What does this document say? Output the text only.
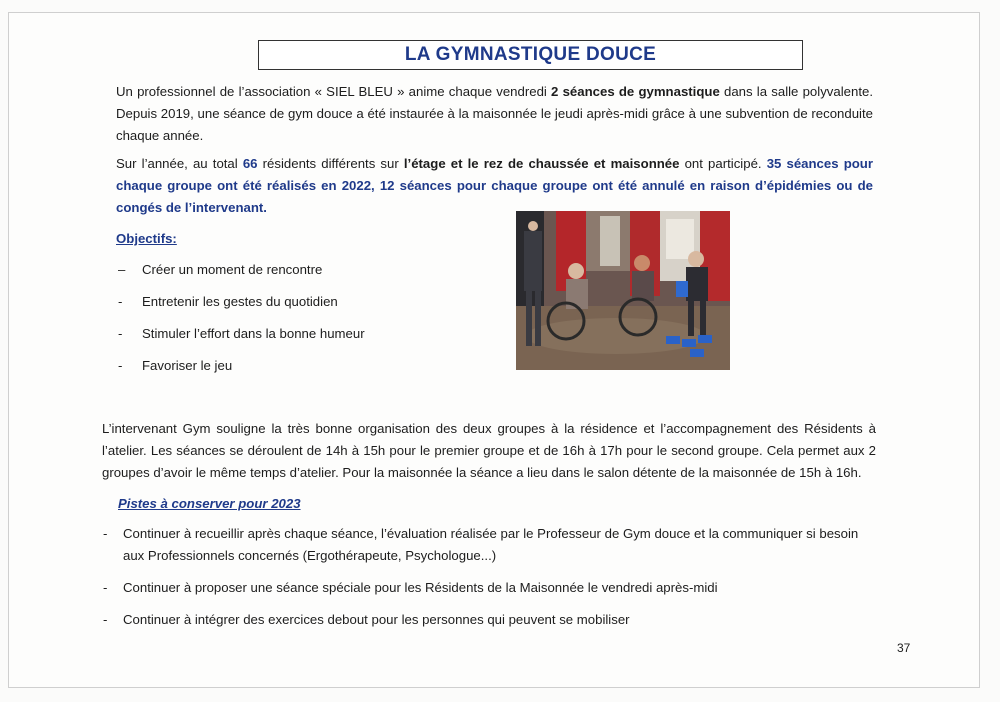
LA GYMNASTIQUE DOUCE

Un professionnel de l’association « SIEL BLEU » anime chaque vendredi 2 séances de gymnastique dans la salle polyvalente. Depuis 2019, une séance de gym douce a été instaurée à la maisonnée le jeudi après-midi grâce à une subvention de reconduite chaque année.

Sur l’année, au total 66 résidents différents sur l’étage et le rez de chaussée et maisonnée ont participé. 35 séances pour chaque groupe ont été réalisés en 2022, 12 séances pour chaque groupe ont été annulé en raison d’épidémies ou de congés de l’intervenant.

Objectifs:
– Créer un moment de rencontre
- Entretenir les gestes du quotidien
- Stimuler l’effort dans la bonne humeur
- Favoriser le jeu

L’intervenant Gym souligne la très bonne organisation des deux groupes à la résidence et l’accompagnement des Résidents à l’atelier. Les séances se déroulent de 14h à 15h pour le premier groupe et de 16h à 17h pour le second groupe. Cela permet aux 2 groupes d’avoir le même temps d’atelier. Pour la maisonnée la séance a lieu dans le salon détente de la maisonnée de 15h à 16h.

Pistes à conserver pour 2023
- Continuer à recueillir après chaque séance, l’évaluation réalisée par le Professeur de Gym douce et la communiquer si besoin aux Professionnels concernés (Ergothérapeute, Psychologue...)
- Continuer à proposer une séance spéciale pour les Résidents de la Maisonnée le vendredi après-midi
- Continuer à intégrer des exercices debout pour les personnes qui peuvent se mobiliser
37
